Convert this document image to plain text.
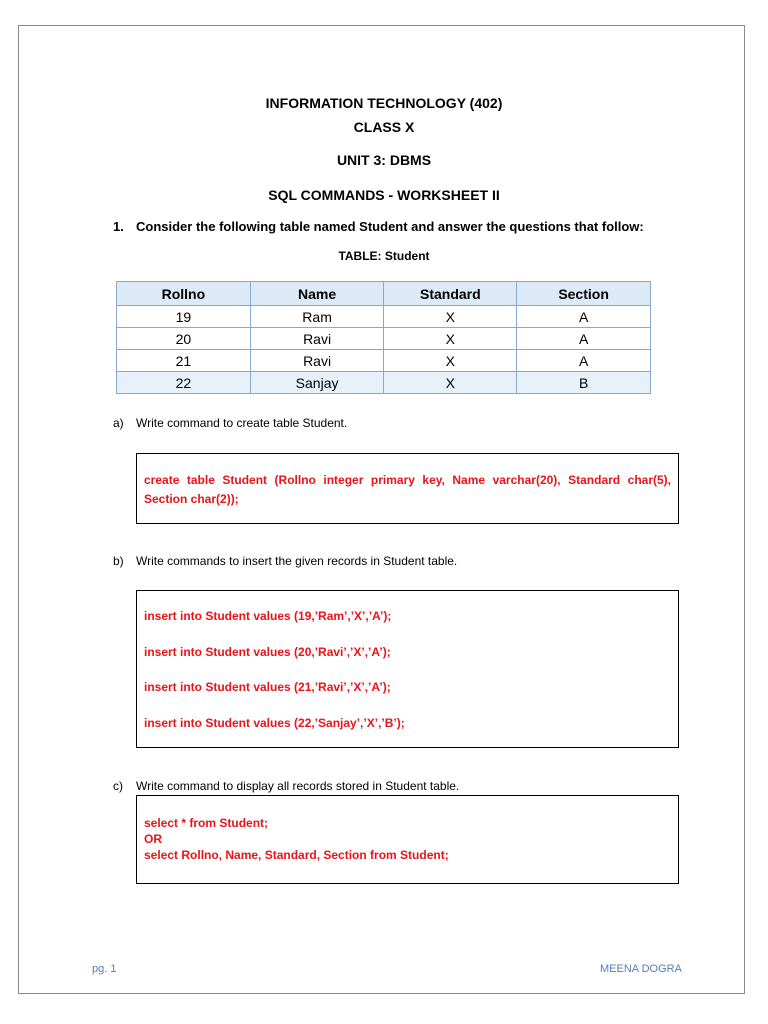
INFORMATION TECHNOLOGY (402)
CLASS X
UNIT 3: DBMS
SQL COMMANDS - WORKSHEET II
1. Consider the following table named Student and answer the questions that follow:
TABLE: Student
Rollno	Name	Standard	Section
19	Ram	X	A
20	Ravi	X	A
21	Ravi	X	A
22	Sanjay	X	B
a) Write command to create table Student.
create table Student (Rollno integer primary key, Name varchar(20), Standard char(5), Section char(2));
b) Write commands to insert the given records in Student table.
insert into Student values (19,’Ram’,’X’,’A’);
insert into Student values (20,’Ravi’,’X’,’A’);
insert into Student values (21,’Ravi’,’X’,’A’);
insert into Student values (22,’Sanjay’,’X’,’B’);
c) Write command to display all records stored in Student table.
select * from Student;
OR
select Rollno, Name, Standard, Section from Student;
pg. 1	MEENA DOGRA
